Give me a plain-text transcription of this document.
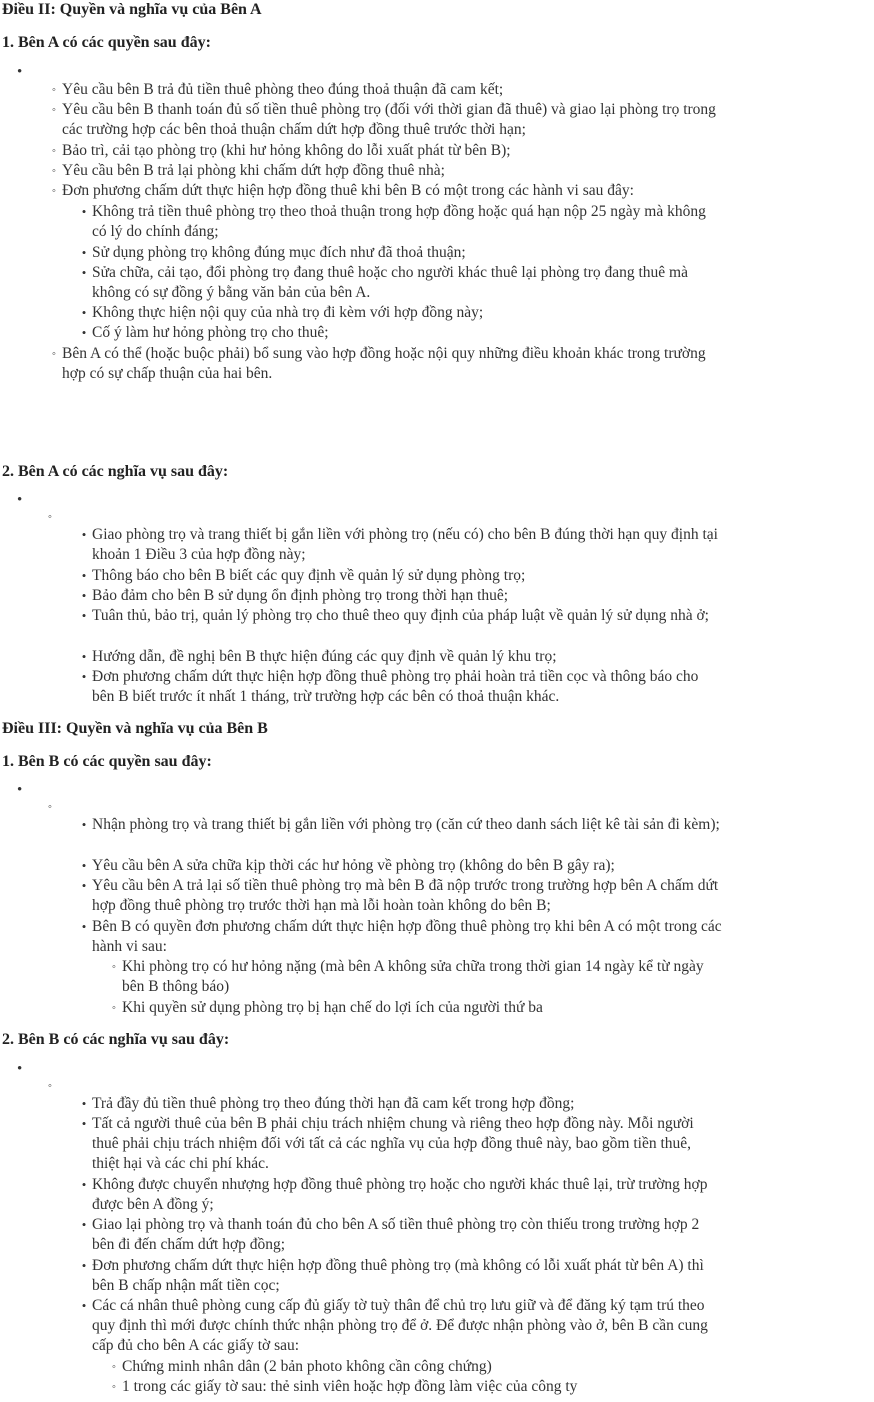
Điều II: Quyền và nghĩa vụ của Bên A
1. Bên A có các quyền sau đây:
•
◦ Yêu cầu bên B trả đủ tiền thuê phòng theo đúng thoả thuận đã cam kết;
◦ Yêu cầu bên B thanh toán đủ số tiền thuê phòng trọ (đối với thời gian đã thuê) và giao lại phòng trọ trong các trường hợp các bên thoả thuận chấm dứt hợp đồng thuê trước thời hạn;
◦ Bảo trì, cải tạo phòng trọ (khi hư hỏng không do lỗi xuất phát từ bên B);
◦ Yêu cầu bên B trả lại phòng khi chấm dứt hợp đồng thuê nhà;
◦ Đơn phương chấm dứt thực hiện hợp đồng thuê khi bên B có một trong các hành vi sau đây:
• Không trả tiền thuê phòng trọ theo thoả thuận trong hợp đồng hoặc quá hạn nộp 25 ngày mà không có lý do chính đáng;
• Sử dụng phòng trọ không đúng mục đích như đã thoả thuận;
• Sửa chữa, cải tạo, đổi phòng trọ đang thuê hoặc cho người khác thuê lại phòng trọ đang thuê mà không có sự đồng ý bằng văn bản của bên A.
• Không thực hiện nội quy của nhà trọ đi kèm với hợp đồng này;
• Cố ý làm hư hỏng phòng trọ cho thuê;
◦ Bên A có thể (hoặc buộc phải) bổ sung vào hợp đồng hoặc nội quy những điều khoản khác trong trường hợp có sự chấp thuận của hai bên.
2. Bên A có các nghĩa vụ sau đây:
•
◦
• Giao phòng trọ và trang thiết bị gắn liền với phòng trọ (nếu có) cho bên B đúng thời hạn quy định tại khoản 1 Điều 3 của hợp đồng này;
• Thông báo cho bên B biết các quy định về quản lý sử dụng phòng trọ;
• Bảo đảm cho bên B sử dụng ổn định phòng trọ trong thời hạn thuê;
• Tuân thủ, bảo trị, quản lý phòng trọ cho thuê theo quy định của pháp luật về quản lý sử dụng nhà ở;
• Hướng dẫn, đề nghị bên B thực hiện đúng các quy định về quản lý khu trọ;
• Đơn phương chấm dứt thực hiện hợp đồng thuê phòng trọ phải hoàn trả tiền cọc và thông báo cho bên B biết trước ít nhất 1 tháng, trừ trường hợp các bên có thoả thuận khác.
Điều III: Quyền và nghĩa vụ của Bên B
1. Bên B có các quyền sau đây:
•
◦
• Nhận phòng trọ và trang thiết bị gắn liền với phòng trọ (căn cứ theo danh sách liệt kê tài sản đi kèm);
• Yêu cầu bên A sửa chữa kịp thời các hư hỏng về phòng trọ (không do bên B gây ra);
• Yêu cầu bên A trả lại số tiền thuê phòng trọ mà bên B đã nộp trước trong trường hợp bên A chấm dứt hợp đồng thuê phòng trọ trước thời hạn mà lỗi hoàn toàn không do bên B;
• Bên B có quyền đơn phương chấm dứt thực hiện hợp đồng thuê phòng trọ khi bên A có một trong các hành vi sau:
◦ Khi phòng trọ có hư hỏng nặng (mà bên A không sửa chữa trong thời gian 14 ngày kể từ ngày bên B thông báo)
◦ Khi quyền sử dụng phòng trọ bị hạn chế do lợi ích của người thứ ba
2. Bên B có các nghĩa vụ sau đây:
•
◦
• Trả đầy đủ tiền thuê phòng trọ theo đúng thời hạn đã cam kết trong hợp đồng;
• Tất cả người thuê của bên B phải chịu trách nhiệm chung và riêng theo hợp đồng này. Mỗi người thuê phải chịu trách nhiệm đối với tất cả các nghĩa vụ của hợp đồng thuê này, bao gồm tiền thuê, thiệt hại và các chi phí khác.
• Không được chuyển nhượng hợp đồng thuê phòng trọ hoặc cho người khác thuê lại, trừ trường hợp được bên A đồng ý;
• Giao lại phòng trọ và thanh toán đủ cho bên A số tiền thuê phòng trọ còn thiếu trong trường hợp 2 bên đi đến chấm dứt hợp đồng;
• Đơn phương chấm dứt thực hiện hợp đồng thuê phòng trọ (mà không có lỗi xuất phát từ bên A) thì bên B chấp nhận mất tiền cọc;
• Các cá nhân thuê phòng cung cấp đủ giấy tờ tuỳ thân để chủ trọ lưu giữ và để đăng ký tạm trú theo quy định thì mới được chính thức nhận phòng trọ để ở. Để được nhận phòng vào ở, bên B cần cung cấp đủ cho bên A các giấy tờ sau:
◦ Chứng minh nhân dân (2 bản photo không cần công chứng)
◦ 1 trong các giấy tờ sau: thẻ sinh viên hoặc hợp đồng làm việc của công ty
